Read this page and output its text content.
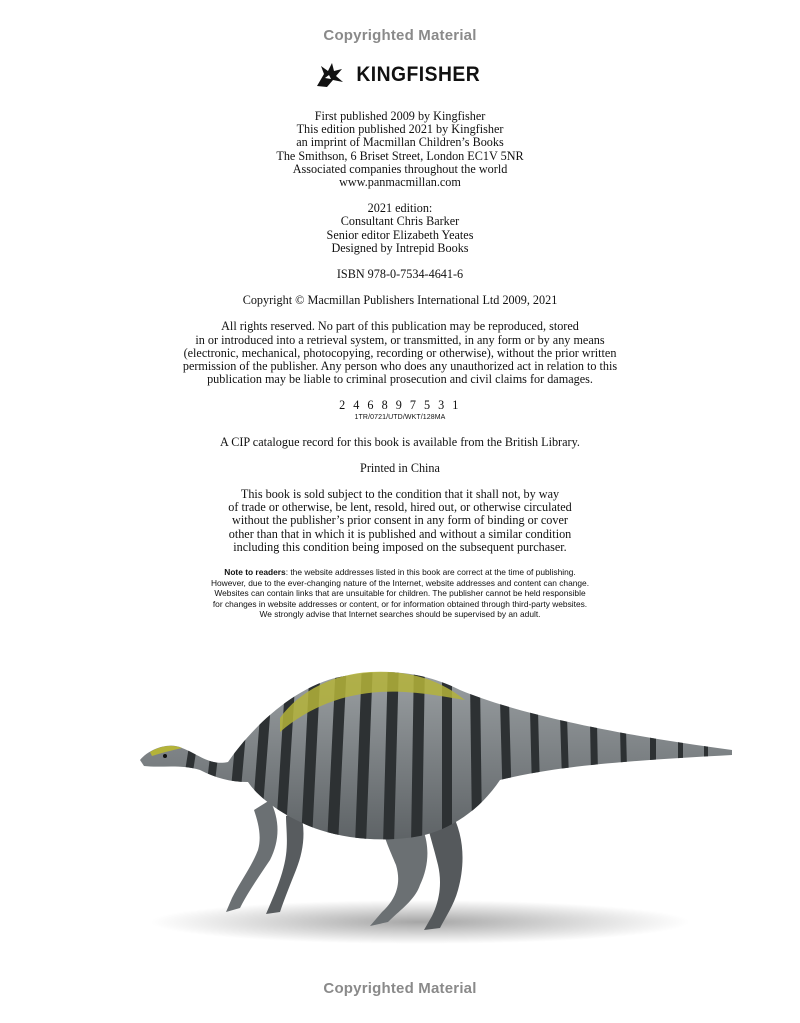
Copyrighted Material
KINGFISHER
First published 2009 by Kingfisher
This edition published 2021 by Kingfisher
an imprint of Macmillan Children’s Books
The Smithson, 6 Briset Street, London EC1V 5NR
Associated companies throughout the world
www.panmacmillan.com
2021 edition:
Consultant Chris Barker
Senior editor Elizabeth Yeates
Designed by Intrepid Books
ISBN 978-0-7534-4641-6
Copyright © Macmillan Publishers International Ltd 2009, 2021
All rights reserved. No part of this publication may be reproduced, stored
in or introduced into a retrieval system, or transmitted, in any form or by any means
(electronic, mechanical, photocopying, recording or otherwise), without the prior written
permission of the publisher. Any person who does any unauthorized act in relation to this
publication may be liable to criminal prosecution and civil claims for damages.
2 4 6 8 9 7 5 3 1
1TR/0721/UTD/WKT/128MA
A CIP catalogue record for this book is available from the British Library.
Printed in China
This book is sold subject to the condition that it shall not, by way
of trade or otherwise, be lent, resold, hired out, or otherwise circulated
without the publisher’s prior consent in any form of binding or cover
other than that in which it is published and without a similar condition
including this condition being imposed on the subsequent purchaser.
Note to readers: the website addresses listed in this book are correct at the time of publishing.
However, due to the ever-changing nature of the Internet, website addresses and content can change.
Websites can contain links that are unsuitable for children. The publisher cannot be held responsible
for changes in website addresses or content, or for information obtained through third-party websites.
We strongly advise that Internet searches should be supervised by an adult.
Copyrighted Material
